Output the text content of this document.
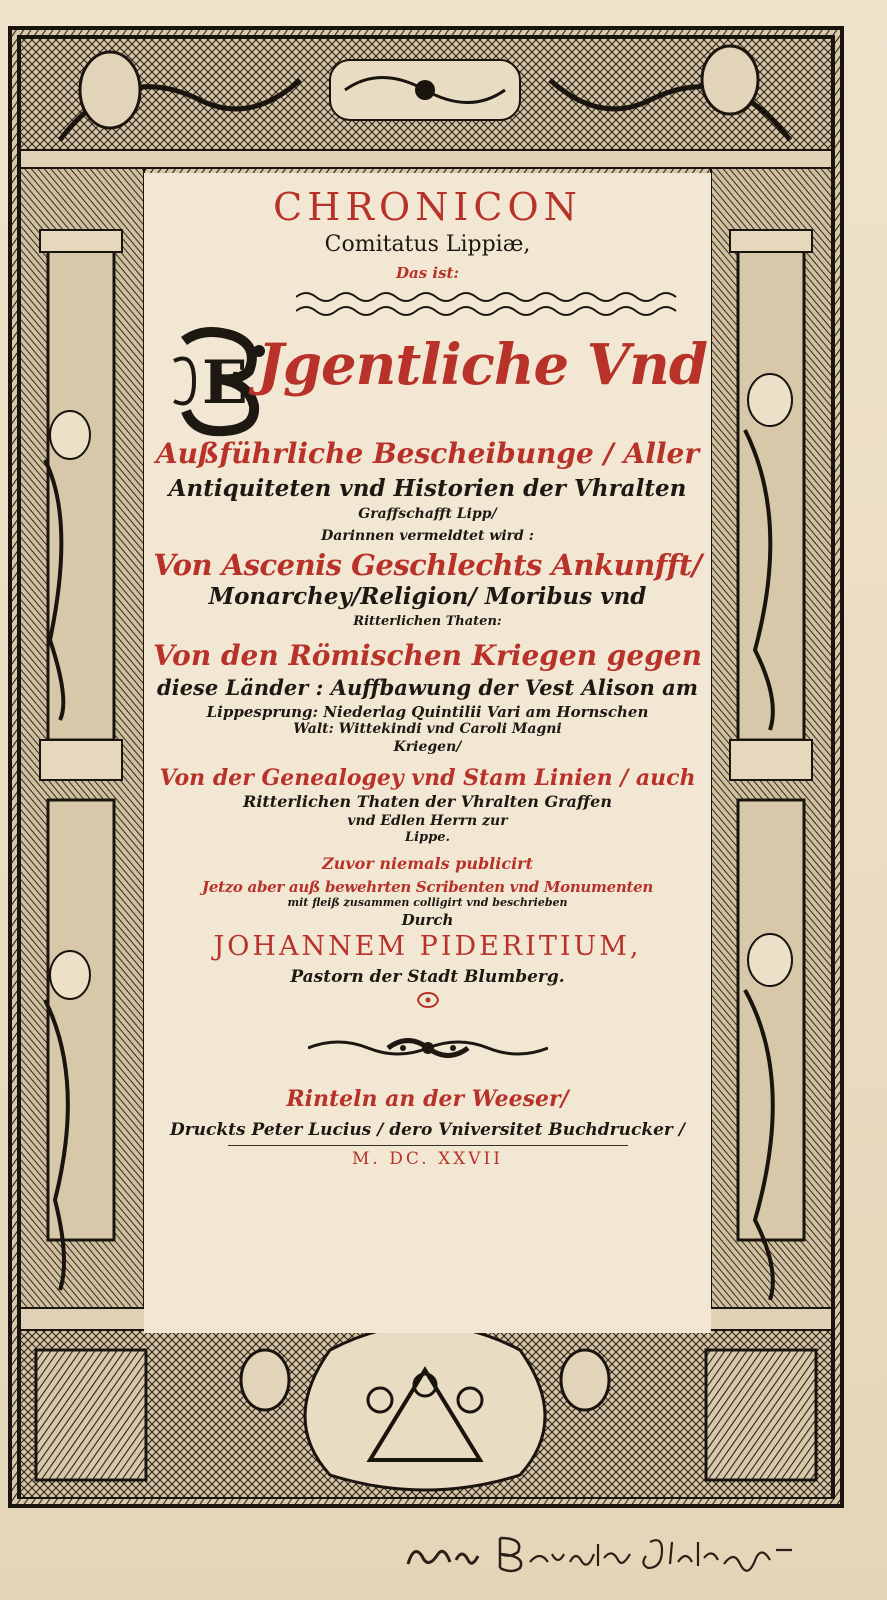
CHRONICON
Comitatus Lippiæ,
Das ist:
E Jgentliche Vnd
Außführliche Bescheibunge / Aller
Antiquiteten vnd Historien der Vhralten
Graffschafft Lipp/
Darinnen vermeldtet wird :
Von Ascenis Geschlechts Ankunfft/
Monarchey/Religion/ Moribus vnd
Ritterlichen Thaten:
Von den Römischen Kriegen gegen
diese Länder : Auffbawung der Vest Alison am
Lippesprung: Niederlag Quintilii Vari am Hornschen
Walt: Wittekindi vnd Caroli Magni
Kriegen/
Von der Genealogey vnd Stam Linien / auch
Ritterlichen Thaten der Vhralten Graffen
vnd Edlen Herrn zur
Lippe.
Zuvor niemals publicirt
Jetzo aber auß bewehrten Scribenten vnd Monumenten
mit fleiß zusammen colligirt vnd beschrieben
Durch
JOHANNEM PIDERITIUM,
Pastorn der Stadt Blumberg.
Rinteln an der Weeser/
Druckts Peter Lucius / dero Vniversitet Buchdrucker /
M. DC. XXVII
